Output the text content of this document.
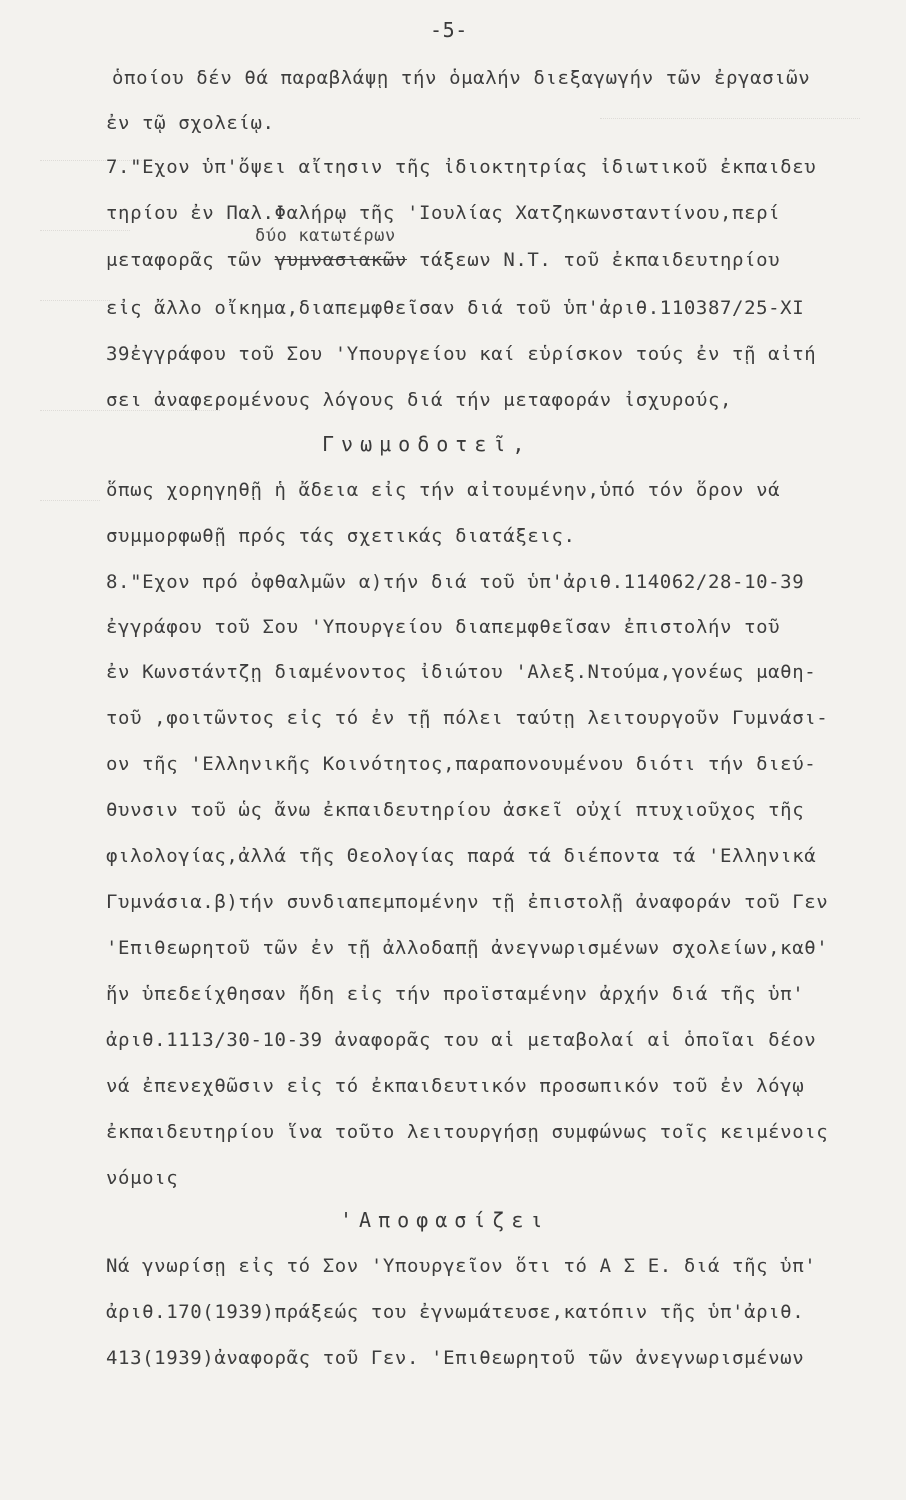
-5-
ὁποίου δέν θά παραβλάψῃ τήν ὁμαλήν διεξαγωγήν τῶν ἐργασιῶν
ἐν τῷ σχολείῳ.
7."Εχον ὑπ'ὄψει αἴτησιν τῆς ἰδιοκτητρίας ἰδιωτικοῦ ἐκπαιδευ
τηρίου ἐν Παλ.Φαλήρῳ τῆς 'Ιουλίας Χατζηκωνσταντίνου,περί
δύο κατωτέρων
μεταφορᾶς τῶν γυμνασιακῶν τάξεων Ν.Τ. τοῦ ἐκπαιδευτηρίου
εἰς ἄλλο οἴκημα,διαπεμφθεῖσαν διά τοῦ ὑπ'ἀριθ.110387/25-ΧΙ
39ἐγγράφου τοῦ Σου 'Υπουργείου καί εὑρίσκον τούς ἐν τῇ αἰτή
σει ἀναφερομένους λόγους διά τήν μεταφοράν ἰσχυρούς,
Γνωμοδοτεῖ,
ὅπως χορηγηθῇ ἡ ἄδεια εἰς τήν αἰτουμένην,ὑπό τόν ὅρον νά
συμμορφωθῇ πρός τάς σχετικάς διατάξεις.
8."Εχον πρό ὀφθαλμῶν α)τήν διά τοῦ ὑπ'ἀριθ.114062/28-10-39
ἐγγράφου τοῦ Σου 'Υπουργείου διαπεμφθεῖσαν ἐπιστολήν τοῦ
ἐν Κωνστάντζῃ διαμένοντος ἰδιώτου 'Αλεξ.Ντούμα,γονέως μαθη-
τοῦ ,φοιτῶντος εἰς τό ἐν τῇ πόλει ταύτῃ λειτουργοῦν Γυμνάσι-
ον τῆς 'Ελληνικῆς Κοινότητος,παραπονουμένου διότι τήν διεύ-
θυνσιν τοῦ ὡς ἄνω ἐκπαιδευτηρίου ἀσκεῖ οὐχί πτυχιοῦχος τῆς
φιλολογίας,ἀλλά τῆς Θεολογίας παρά τά διέποντα τά 'Ελληνικά
Γυμνάσια.β)τήν συνδιαπεμπομένην τῇ ἐπιστολῇ ἀναφοράν τοῦ Γεν
'Επιθεωρητοῦ τῶν ἐν τῇ ἀλλοδαπῇ ἀνεγνωρισμένων σχολείων,καθ'
ἥν ὑπεδείχθησαν ἤδη εἰς τήν προϊσταμένην ἀρχήν διά τῆς ὑπ'
ἀριθ.1113/30-10-39 ἀναφορᾶς του αἱ μεταβολαί αἱ ὁποῖαι δέον
νά ἐπενεχθῶσιν εἰς τό ἐκπαιδευτικόν προσωπικόν τοῦ ἐν λόγῳ
ἐκπαιδευτηρίου ἵνα τοῦτο λειτουργήσῃ συμφώνως τοῖς κειμένοις
νόμοις
'Αποφασίζει
Νά γνωρίσῃ εἰς τό Σον 'Υπουργεῖον ὅτι τό Α Σ Ε. διά τῆς ὑπ'
ἀριθ.170(1939)πράξεώς του ἐγνωμάτευσε,κατόπιν τῆς ὑπ'ἀριθ.
413(1939)ἀναφορᾶς τοῦ Γεν. 'Επιθεωρητοῦ τῶν ἀνεγνωρισμένων
